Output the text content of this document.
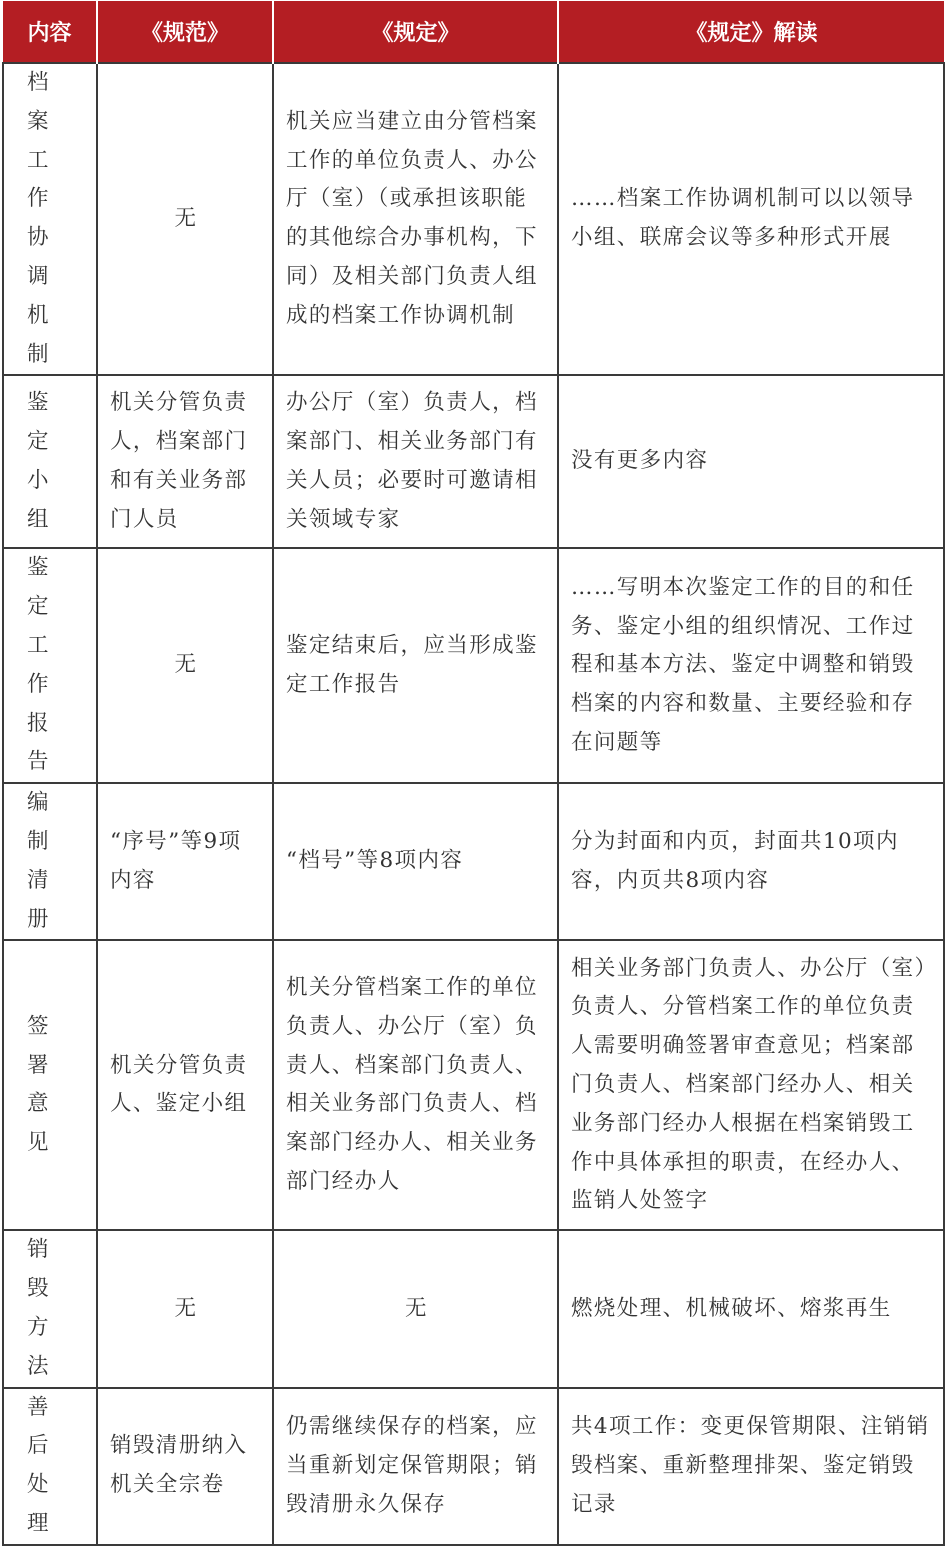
内容	《规范》	《规定》	《规定》解读
档案工作协调机制	无	机关应当建立由分管档案工作的单位负责人、办公厅（室）（或承担该职能的其他综合办事机构，下同）及相关部门负责人组成的档案工作协调机制	……档案工作协调机制可以以领导小组、联席会议等多种形式开展
鉴定小组	机关分管负责人，档案部门和有关业务部门人员	办公厅（室）负责人，档案部门、相关业务部门有关人员；必要时可邀请相关领域专家	没有更多内容
鉴定工作报告	无	鉴定结束后，应当形成鉴定工作报告	……写明本次鉴定工作的目的和任务、鉴定小组的组织情况、工作过程和基本方法、鉴定中调整和销毁档案的内容和数量、主要经验和存在问题等
编制清册	“序号”等9项内容	“档号”等8项内容	分为封面和内页，封面共10项内容，内页共8项内容
签署意见	机关分管负责人、鉴定小组	机关分管档案工作的单位负责人、办公厅（室）负责人、档案部门负责人、相关业务部门负责人、档案部门经办人、相关业务部门经办人	相关业务部门负责人、办公厅（室）负责人、分管档案工作的单位负责人需要明确签署审查意见；档案部门负责人、档案部门经办人、相关业务部门经办人根据在档案销毁工作中具体承担的职责，在经办人、监销人处签字
销毁方法	无	无	燃烧处理、机械破坏、熔浆再生
善后处理	销毁清册纳入机关全宗卷	仍需继续保存的档案，应当重新划定保管期限；销毁清册永久保存	共4项工作：变更保管期限、注销销毁档案、重新整理排架、鉴定销毁记录
